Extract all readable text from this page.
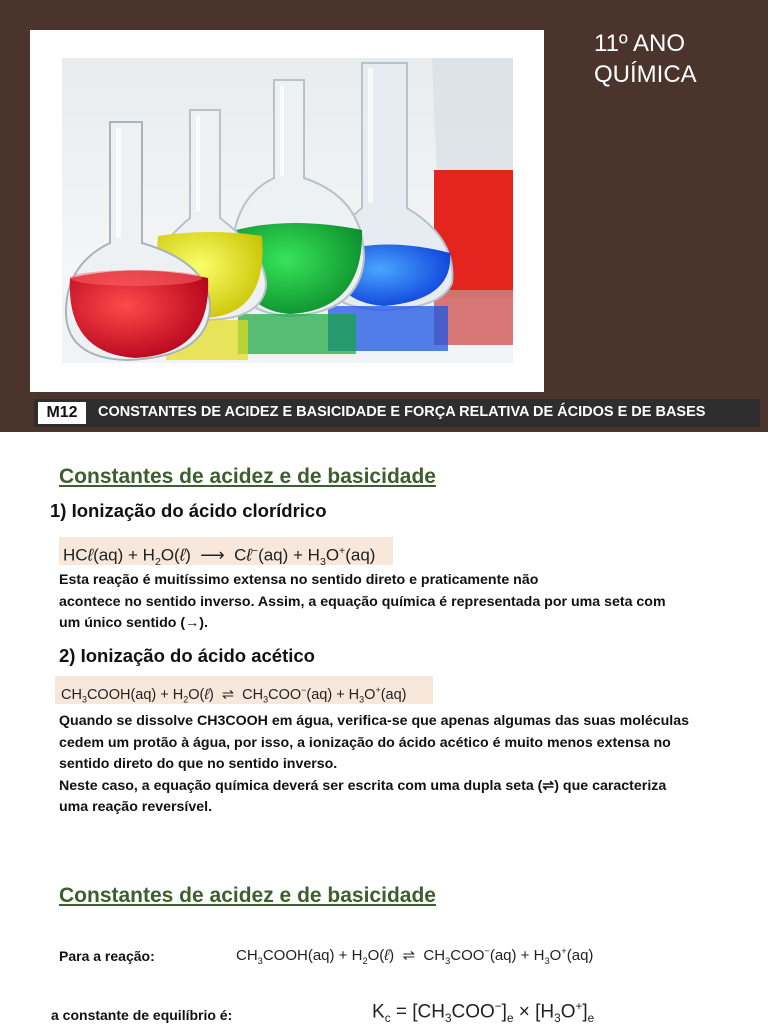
11º ANO
QUÍMICA
M12	CONSTANTES DE ACIDEZ E BASICIDADE E FORÇA RELATIVA DE ÁCIDOS E DE BASES
Constantes de acidez e de basicidade
1) Ionização do ácido clorídrico
HCℓ(aq) + $H_2O(\ell)$  ⟶  Cℓ−(aq) + $H_3O^+(aq)$
Esta reação é muitíssimo extensa no sentido direto e praticamente não
acontece no sentido inverso. Assim, a equação química é representada por uma seta com
um único sentido (→).
2) Ionização do ácido acético
$CH_3COOH(aq)$ + $H_2O(\ell)$  ⇌  $CH_3COO^-(aq) + H_3O^+(aq)$
Quando se dissolve CH3COOH em água, verifica-se que apenas algumas das suas moléculas
cedem um protão à água, por isso, a ionização do ácido acético é muito menos extensa no
sentido direto do que no sentido inverso.
Neste caso, a equação química deverá ser escrita com uma dupla seta (⇌) que caracteriza
uma reação reversível.
Constantes de acidez e de basicidade
Para a reação:	$CH_3COOH(aq)$ + $H_2O(\ell)$  ⇌  $CH_3COO^-(aq) + H_3O^+(aq)$
a constante de equilíbrio é:	$K_c = [CH_3COO^-]_e \times [H_3O^+]_e$
